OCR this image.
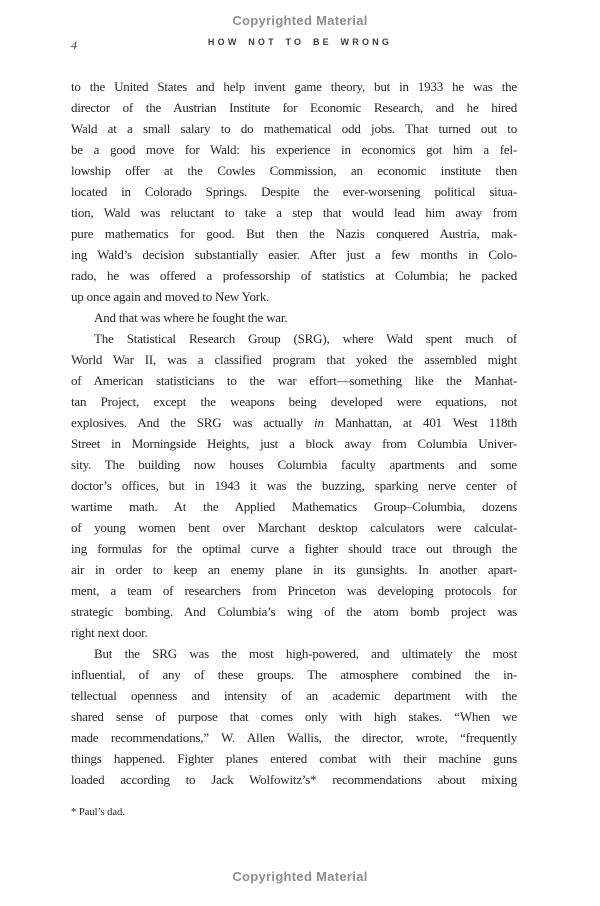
Copyrighted Material
4	HOW NOT TO BE WRONG
to the United States and help invent game theory, but in 1933 he was the
director of the Austrian Institute for Economic Research, and he hired
Wald at a small salary to do mathematical odd jobs. That turned out to
be a good move for Wald: his experience in economics got him a fel-
lowship offer at the Cowles Commission, an economic institute then
located in Colorado Springs. Despite the ever-worsening political situa-
tion, Wald was reluctant to take a step that would lead him away from
pure mathematics for good. But then the Nazis conquered Austria, mak-
ing Wald’s decision substantially easier. After just a few months in Colo-
rado, he was offered a professorship of statistics at Columbia; he packed
up once again and moved to New York.
And that was where he fought the war.
The Statistical Research Group (SRG), where Wald spent much of
World War II, was a classified program that yoked the assembled might
of American statisticians to the war effort—something like the Manhat-
tan Project, except the weapons being developed were equations, not
explosives. And the SRG was actually in Manhattan, at 401 West 118th
Street in Morningside Heights, just a block away from Columbia Univer-
sity. The building now houses Columbia faculty apartments and some
doctor’s offices, but in 1943 it was the buzzing, sparking nerve center of
wartime math. At the Applied Mathematics Group–Columbia, dozens
of young women bent over Marchant desktop calculators were calculat-
ing formulas for the optimal curve a fighter should trace out through the
air in order to keep an enemy plane in its gunsights. In another apart-
ment, a team of researchers from Princeton was developing protocols for
strategic bombing. And Columbia’s wing of the atom bomb project was
right next door.
But the SRG was the most high-powered, and ultimately the most
influential, of any of these groups. The atmosphere combined the in-
tellectual openness and intensity of an academic department with the
shared sense of purpose that comes only with high stakes. “When we
made recommendations,” W. Allen Wallis, the director, wrote, “frequently
things happened. Fighter planes entered combat with their machine guns
loaded according to Jack Wolfowitz’s* recommendations about mixing
* Paul’s dad.
Copyrighted Material
